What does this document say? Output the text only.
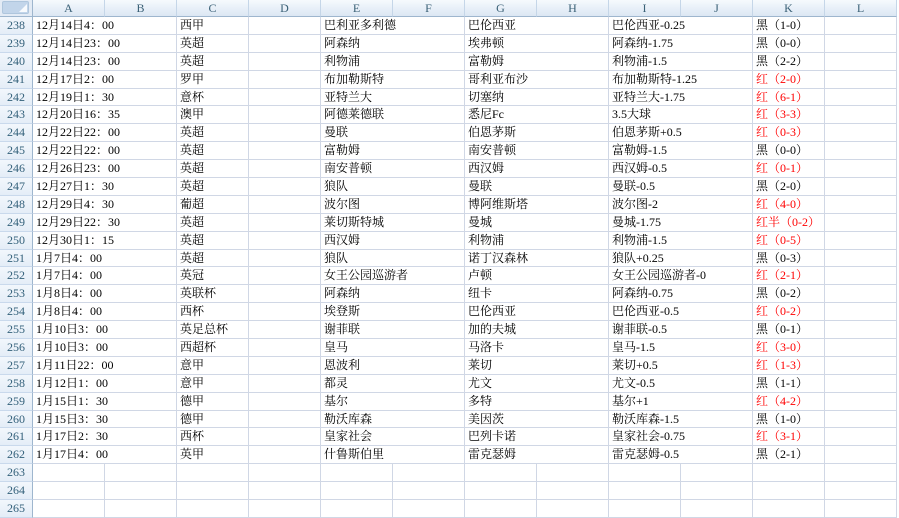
A	B	C	D	E	F	G	H	I	J	K	L
238 12月14日4：00	西甲	巴利亚多利德	巴伦西亚	巴伦西亚-0.25	黑（1-0）
239 12月14日23：00	英超	阿森纳	埃弗顿	阿森纳-1.75	黑（0-0）
240 12月14日23：00	英超	利物浦	富勒姆	利物浦-1.5	黑（2-2）
241 12月17日2：00	罗甲	布加勒斯特	哥利亚布沙	布加勒斯特-1.25	红（2-0）
242 12月19日1：30	意杯	亚特兰大	切塞纳	亚特兰大-1.75	红（6-1）
243 12月20日16：35	澳甲	阿德莱德联	悉尼Fc	3.5大球	红（3-3）
244 12月22日22：00	英超	曼联	伯恩茅斯	伯恩茅斯+0.5	红（0-3）
245 12月22日22：00	英超	富勒姆	南安普顿	富勒姆-1.5	黑（0-0）
246 12月26日23：00	英超	南安普顿	西汉姆	西汉姆-0.5	红（0-1）
247 12月27日1：30	英超	狼队	曼联	曼联-0.5	黑（2-0）
248 12月29日4：30	葡超	波尔图	博阿维斯塔	波尔图-2	红（4-0）
249 12月29日22：30	英超	莱切斯特城	曼城	曼城-1.75	红半（0-2）
250 12月30日1：15	英超	西汉姆	利物浦	利物浦-1.5	红（0-5）
251 1月7日4：00	英超	狼队	诺丁汉森林	狼队+0.25	黑（0-3）
252 1月7日4：00	英冠	女王公园巡游者	卢顿	女王公园巡游者-0	红（2-1）
253 1月8日4：00	英联杯	阿森纳	纽卡	阿森纳-0.75	黑（0-2）
254 1月8日4：00	西杯	埃登斯	巴伦西亚	巴伦西亚-0.5	红（0-2）
255 1月10日3：00	英足总杯	谢菲联	加的夫城	谢菲联-0.5	黑（0-1）
256 1月10日3：00	西超杯	皇马	马洛卡	皇马-1.5	红（3-0）
257 1月11日22：00	意甲	恩波利	莱切	莱切+0.5	红（1-3）
258 1月12日1：00	意甲	都灵	尤文	尤文-0.5	黑（1-1）
259 1月15日1：30	德甲	基尔	多特	基尔+1	红（4-2）
260 1月15日3：30	德甲	勒沃库森	美因茨	勒沃库森-1.5	黑（1-0）
261 1月17日2：30	西杯	皇家社会	巴列卡诺	皇家社会-0.75	红（3-1）
262 1月17日4：00	英甲	什鲁斯伯里	雷克瑟姆	雷克瑟姆-0.5	黑（2-1）
263
264
265
